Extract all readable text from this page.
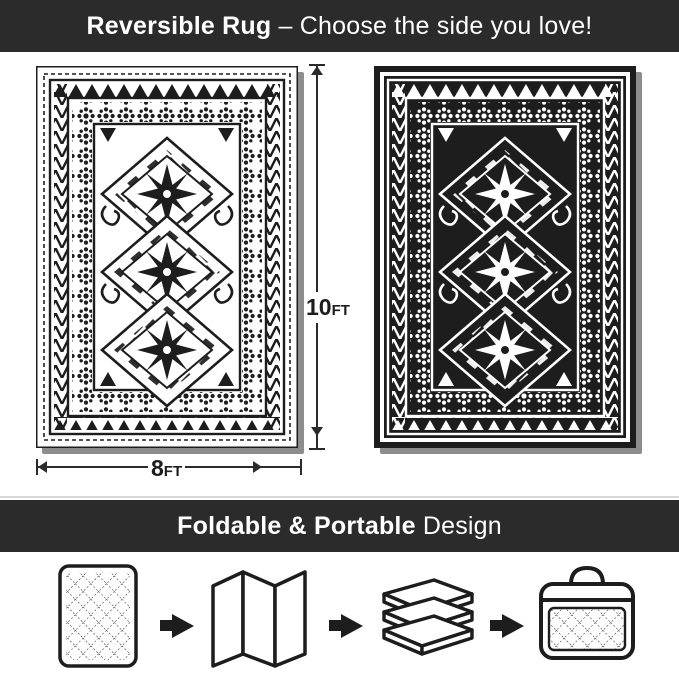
Reversible Rug – Choose the side you love!
10FT
8FT
Foldable & Portable Design
